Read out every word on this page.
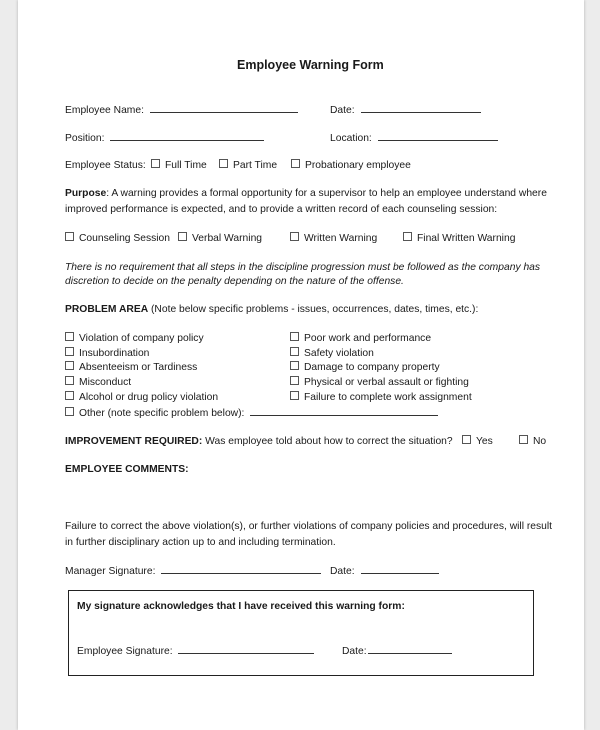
Employee Warning Form
Employee Name:	Date:
Position:	Location:
Employee Status:	Full Time	Part Time	Probationary employee
Purpose: A warning provides a formal opportunity for a supervisor to help an employee understand where
improved performance is expected, and to provide a written record of each counseling session:
Counseling Session	Verbal Warning	Written Warning	Final Written Warning
There is no requirement that all steps in the discipline progression must be followed as the company has
discretion to decide on the penalty depending on the nature of the offense.
PROBLEM AREA (Note below specific problems - issues, occurrences, dates, times, etc.):
Violation of company policy
Insubordination
Absenteeism or Tardiness
Misconduct
Alcohol or drug policy violation
Poor work and performance
Safety violation
Damage to company property
Physical or verbal assault or fighting
Failure to complete work assignment
Other (note specific problem below):
IMPROVEMENT REQUIRED: Was employee told about how to correct the situation?	Yes	No
EMPLOYEE COMMENTS:
Failure to correct the above violation(s), or further violations of company policies and procedures, will result
in further disciplinary action up to and including termination.
Manager Signature:	Date:
My signature acknowledges that I have received this warning form:
Employee Signature:	Date:
